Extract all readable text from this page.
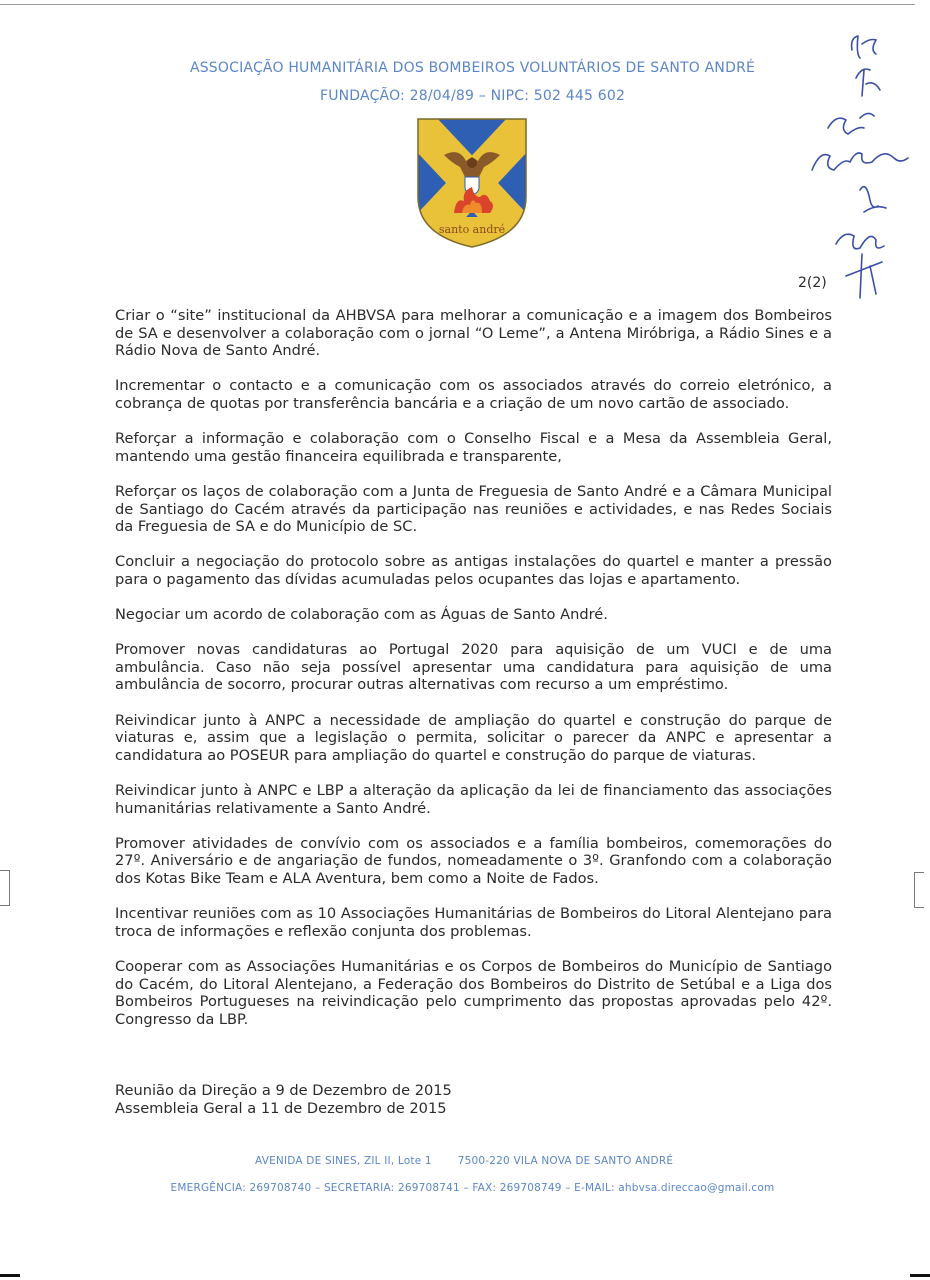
ASSOCIAÇÃO HUMANITÁRIA DOS BOMBEIROS VOLUNTÁRIOS DE SANTO ANDRÉ
FUNDAÇÃO: 28/04/89 – NIPC: 502 445 602
santo andré
2(2)

Criar o “site” institucional da AHBVSA para melhorar a comunicação e a imagem dos Bombeiros de SA e desenvolver a colaboração com o jornal “O Leme”, a Antena Miróbriga, a Rádio Sines e a Rádio Nova de Santo André.

Incrementar o contacto e a comunicação com os associados através do correio eletrónico, a cobrança de quotas por transferência bancária e a criação de um novo cartão de associado.

Reforçar a informação e colaboração com o Conselho Fiscal e a Mesa da Assembleia Geral, mantendo uma gestão financeira equilibrada e transparente,

Reforçar os laços de colaboração com a Junta de Freguesia de Santo André e a Câmara Municipal de Santiago do Cacém através da participação nas reuniões e actividades, e nas Redes Sociais da Freguesia de SA e do Município de SC.

Concluir a negociação do protocolo sobre as antigas instalações do quartel e manter a pressão para o pagamento das dívidas acumuladas pelos ocupantes das lojas e apartamento.

Negociar um acordo de colaboração com as Águas de Santo André.

Promover novas candidaturas ao Portugal 2020 para aquisição de um VUCI e de uma ambulância. Caso não seja possível apresentar uma candidatura para aquisição de uma ambulância de socorro, procurar outras alternativas com recurso a um empréstimo.

Reivindicar junto à ANPC a necessidade de ampliação do quartel e construção do parque de viaturas e, assim que a legislação o permita, solicitar o parecer da ANPC e apresentar a candidatura ao POSEUR para ampliação do quartel e construção do parque de viaturas.

Reivindicar junto à ANPC e LBP a alteração da aplicação da lei de financiamento das associações humanitárias relativamente a Santo André.

Promover atividades de convívio com os associados e a família bombeiros, comemorações do 27º. Aniversário e de angariação de fundos, nomeadamente o 3º. Granfondo com a colaboração dos Kotas Bike Team e ALA Aventura, bem como a Noite de Fados.

Incentivar reuniões com as 10 Associações Humanitárias de Bombeiros do Litoral Alentejano para troca de informações e reflexão conjunta dos problemas.

Cooperar com as Associações Humanitárias e os Corpos de Bombeiros do Município de Santiago do Cacém, do Litoral Alentejano, a Federação dos Bombeiros do Distrito de Setúbal e a Liga dos Bombeiros Portugueses na reivindicação pelo cumprimento das propostas aprovadas pelo 42º. Congresso da LBP.

Reunião da Direção a 9 de Dezembro de 2015
Assembleia Geral a 11 de Dezembro de 2015
AVENIDA DE SINES, ZIL II, Lote 1 7500-220 VILA NOVA DE SANTO ANDRÉ
EMERGÊNCIA: 269708740 – SECRETARIA: 269708741 – FAX: 269708749 – E-MAIL: ahbvsa.direccao@gmail.com
